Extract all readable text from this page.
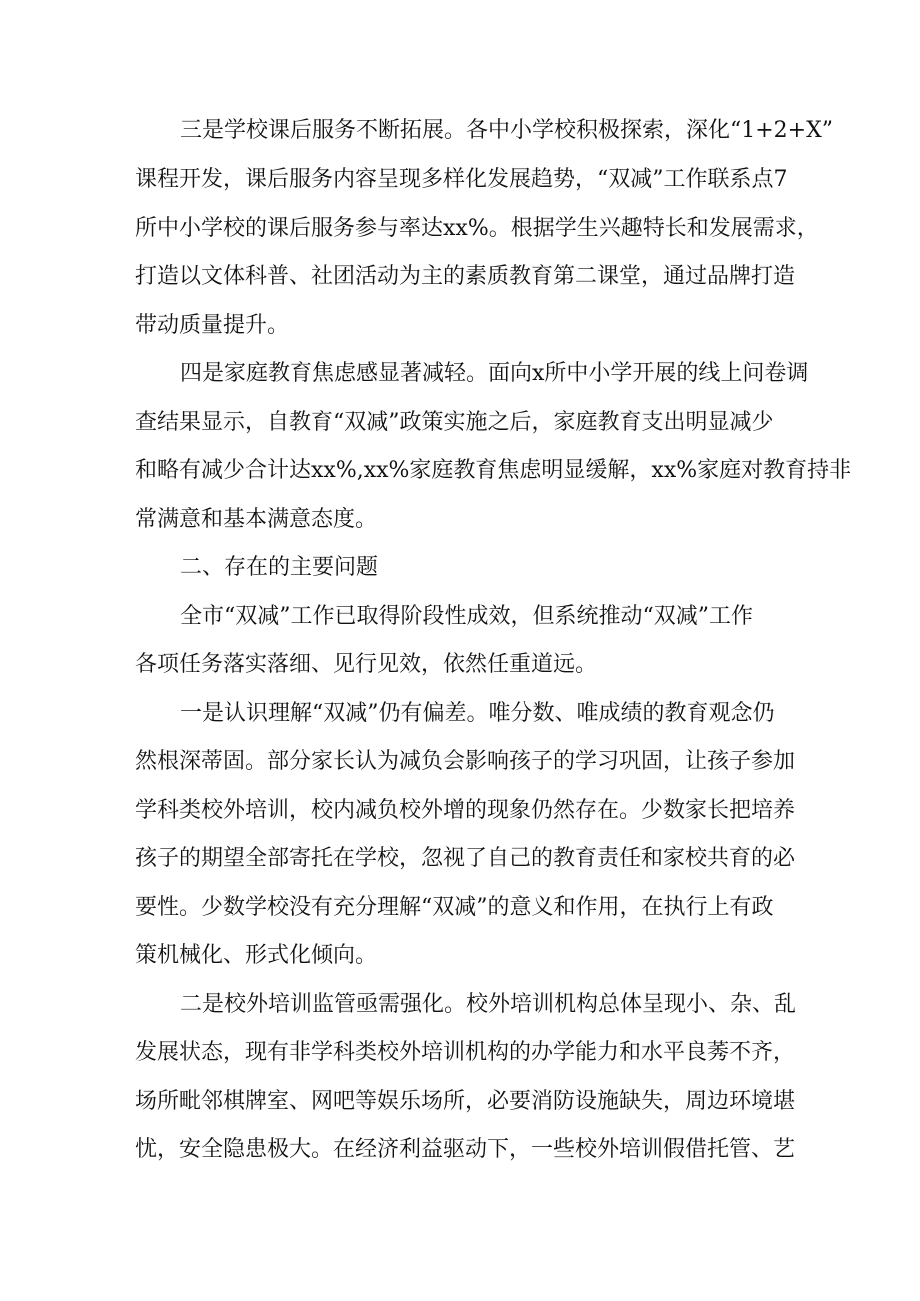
三是学校课后服务不断拓展。各中小学校积极探索，深化“1+2+X”
课程开发，课后服务内容呈现多样化发展趋势，“双减”工作联系点7
所中小学校的课后服务参与率达xx%。根据学生兴趣特长和发展需求，
打造以文体科普、社团活动为主的素质教育第二课堂，通过品牌打造
带动质量提升。
四是家庭教育焦虑感显著减轻。面向x所中小学开展的线上问卷调
查结果显示，自教育“双减”政策实施之后，家庭教育支出明显减少
和略有减少合计达xx%,xx%家庭教育焦虑明显缓解，xx%家庭对教育持非
常满意和基本满意态度。
二、存在的主要问题
全市“双减”工作已取得阶段性成效，但系统推动“双减”工作
各项任务落实落细、见行见效，依然任重道远。
一是认识理解“双减”仍有偏差。唯分数、唯成绩的教育观念仍
然根深蒂固。部分家长认为减负会影响孩子的学习巩固，让孩子参加
学科类校外培训，校内减负校外增的现象仍然存在。少数家长把培养
孩子的期望全部寄托在学校，忽视了自己的教育责任和家校共育的必
要性。少数学校没有充分理解“双减”的意义和作用，在执行上有政
策机械化、形式化倾向。
二是校外培训监管亟需强化。校外培训机构总体呈现小、杂、乱
发展状态，现有非学科类校外培训机构的办学能力和水平良莠不齐，
场所毗邻棋牌室、网吧等娱乐场所，必要消防设施缺失，周边环境堪
忧，安全隐患极大。在经济利益驱动下，一些校外培训假借托管、艺
